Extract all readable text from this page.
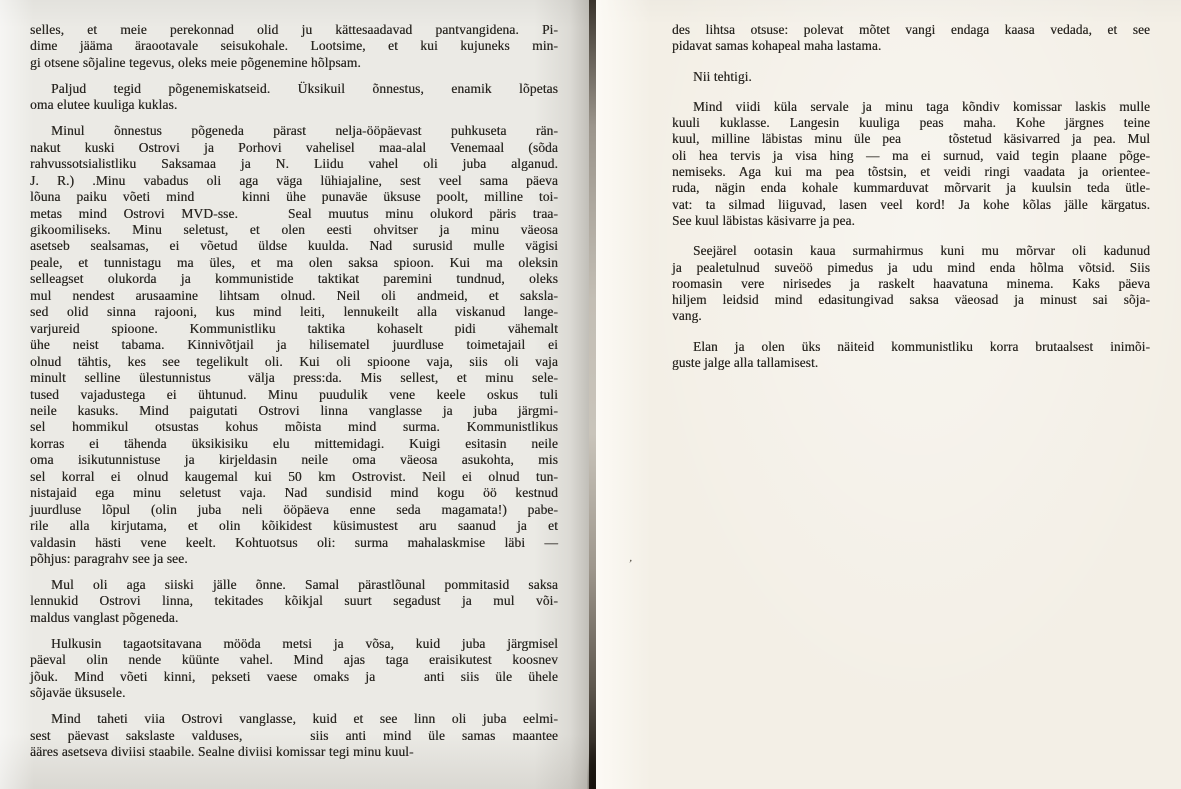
selles, et meie perekonnad olid ju kättesaadavad pantvangidena. Pi-
dime jääma äraootavale seisukohale. Lootsime, et kui kujuneks min-
gi otsene sõjaline tegevus, oleks meie põgenemine hõlpsam.

Paljud tegid põgenemiskatseid. Üksikuil õnnestus, enamik lõpetas
oma elutee kuuliga kuklas.

Minul õnnestus põgeneda pärast nelja-ööpäevast puhkuseta rän-
nakut kuski Ostrovi ja Porhovi vahelisel maa-alal Venemaal (sõda
rahvussotsialistliku Saksamaa ja N. Liidu vahel oli juba alganud.
J. R.) .Minu vabadus oli aga väga lühiajaline, sest veel sama päeva
lõuna paiku võeti mind   kinni ühe punaväe üksuse poolt, milline toi-
metas mind Ostrovi MVD-sse.   Seal muutus minu olukord päris traa-
gikoomiliseks. Minu seletust, et olen eesti ohvitser ja minu väeosa
asetseb sealsamas, ei võetud üldse kuulda. Nad surusid mulle vägisi
peale, et tunnistagu ma üles, et ma olen saksa spioon. Kui ma oleksin
selleagset olukorda ja kommunistide taktikat paremini tundnud, oleks
mul nendest arusaamine lihtsam olnud. Neil oli andmeid, et saksla-
sed olid sinna rajooni, kus mind leiti, lennukeilt alla viskanud lange-
varjureid spioone. Kommunistliku taktika kohaselt pidi vähemalt
ühe neist tabama. Kinnivõtjail ja hilisematel juurdluse toimetajail ei
olnud tähtis, kes see tegelikult oli. Kui oli spioone vaja, siis oli vaja
minult selline ülestunnistus  välja press:da. Mis sellest, et minu sele-
tused vajadustega ei ühtunud. Minu puudulik vene keele oskus tuli
neile kasuks. Mind paigutati Ostrovi linna vanglasse ja juba järgmi-
sel hommikul otsustas kohus mõista mind surma. Kommunistlikus
korras ei tähenda üksikisiku elu mittemidagi. Kuigi esitasin neile
oma isikutunnistuse ja kirjeldasin neile oma väeosa asukohta, mis
sel korral ei olnud kaugemal kui 50 km Ostrovist. Neil ei olnud tun-
nistajaid ega minu seletust vaja. Nad sundisid mind kogu öö kestnud
juurdluse lõpul (olin juba neli ööpäeva enne seda magamata!) pabe-
rile alla kirjutama, et olin kõikidest küsimustest aru saanud ja et
valdasin hästi vene keelt. Kohtuotsus oli: surma mahalaskmise läbi —
põhjus: paragrahv see ja see.

Mul oli aga siiski jälle õnne. Samal pärastlõunal pommitasid saksa
lennukid Ostrovi linna, tekitades kõikjal suurt segadust ja mul või-
maldus vanglast põgeneda.

Hulkusin tagaotsitavana mööda metsi ja võsa, kuid juba järgmisel
päeval olin nende küünte vahel. Mind ajas taga eraisikutest koosnev
jõuk. Mind võeti kinni, pekseti vaese omaks ja   anti siis üle ühele
sõjaväe üksusele.

Mind taheti viia Ostrovi vanglasse, kuid et see linn oli juba eelmi-
sest päevast sakslaste valduses,    siis anti mind üle samas maantee
ääres asetseva diviisi staabile. Sealne diviisi komissar tegi minu kuul-

des lihtsa otsuse: polevat mõtet vangi endaga kaasa vedada, et see
pidavat samas kohapeal maha lastama.

Nii tehtigi.

Mind viidi küla servale ja minu taga kõndiv komissar laskis mulle
kuuli kuklasse. Langesin kuuliga peas maha. Kohe järgnes teine
kuul, milline läbistas minu üle pea    tõstetud käsivarred ja pea. Mul
oli hea tervis ja visa hing — ma ei surnud, vaid tegin plaane põge-
nemiseks. Aga kui ma pea tõstsin, et veidi ringi vaadata ja orientee-
ruda, nägin enda kohale kummarduvat mõrvarit ja kuulsin teda ütle-
vat: ta silmad liiguvad, lasen veel kord! Ja kohe kõlas jälle kärgatus.
See kuul läbistas käsivarre ja pea.

Seejärel ootasin kaua surmahirmus kuni mu mõrvar oli kadunud
ja pealetulnud suveöö pimedus ja udu mind enda hõlma võtsid. Siis
roomasin vere nirisedes ja raskelt haavatuna minema. Kaks päeva
hiljem leidsid mind edasitungivad saksa väeosad ja minust sai sõja-
vang.

Elan ja olen üks näiteid kommunistliku korra brutaalsest inimõi-
guste jalge alla tallamisest.

,
